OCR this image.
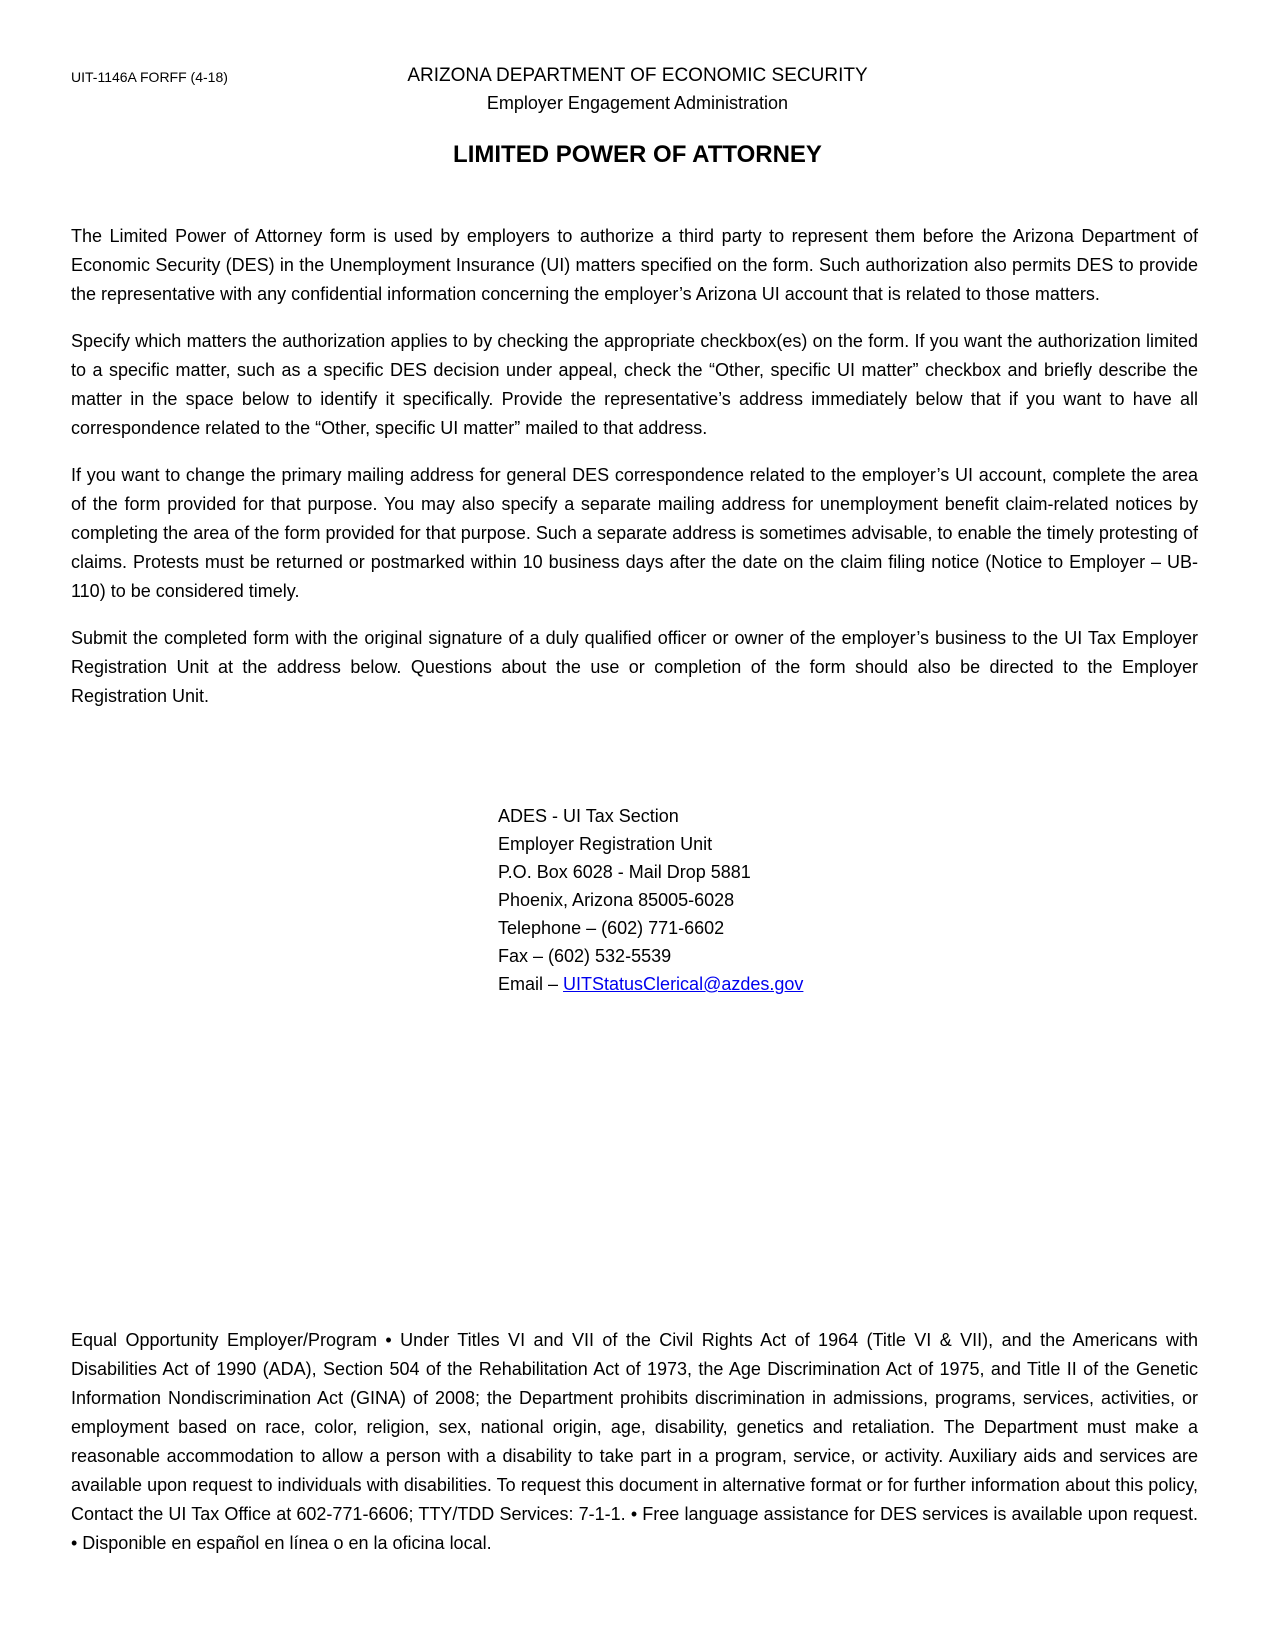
UIT-1146A FORFF (4-18)	ARIZONA DEPARTMENT OF ECONOMIC SECURITY
Employer Engagement Administration
LIMITED POWER OF ATTORNEY

The Limited Power of Attorney form is used by employers to authorize a third party to represent them before the Arizona Department of Economic Security (DES) in the Unemployment Insurance (UI) matters specified on the form. Such authorization also permits DES to provide the representative with any confidential information concerning the employer’s Arizona UI account that is related to those matters.

Specify which matters the authorization applies to by checking the appropriate checkbox(es) on the form. If you want the authorization limited to a specific matter, such as a specific DES decision under appeal, check the “Other, specific UI matter” checkbox and briefly describe the matter in the space below to identify it specifically. Provide the representative’s address immediately below that if you want to have all correspondence related to the “Other, specific UI matter” mailed to that address.

If you want to change the primary mailing address for general DES correspondence related to the employer’s UI account, complete the area of the form provided for that purpose. You may also specify a separate mailing address for unemployment benefit claim-related notices by completing the area of the form provided for that purpose. Such a separate address is sometimes advisable, to enable the timely protesting of claims. Protests must be returned or postmarked within 10 business days after the date on the claim filing notice (Notice to Employer – UB-110) to be considered timely.

Submit the completed form with the original signature of a duly qualified officer or owner of the employer’s business to the UI Tax Employer Registration Unit at the address below. Questions about the use or completion of the form should also be directed to the Employer Registration Unit.

ADES - UI Tax Section
Employer Registration Unit
P.O. Box 6028 - Mail Drop 5881
Phoenix, Arizona 85005-6028
Telephone – (602) 771-6602
Fax – (602) 532-5539
Email – UITStatusClerical@azdes.gov
Equal Opportunity Employer/Program • Under Titles VI and VII of the Civil Rights Act of 1964 (Title VI & VII), and the Americans with Disabilities Act of 1990 (ADA), Section 504 of the Rehabilitation Act of 1973, the Age Discrimination Act of 1975, and Title II of the Genetic Information Nondiscrimination Act (GINA) of 2008; the Department prohibits discrimination in admissions, programs, services, activities, or employment based on race, color, religion, sex, national origin, age, disability, genetics and retaliation. The Department must make a reasonable accommodation to allow a person with a disability to take part in a program, service, or activity. Auxiliary aids and services are available upon request to individuals with disabilities. To request this document in alternative format or for further information about this policy, Contact the UI Tax Office at 602-771-6606; TTY/TDD Services: 7-1-1. • Free language assistance for DES services is available upon request. • Disponible en español en línea o en la oficina local.
